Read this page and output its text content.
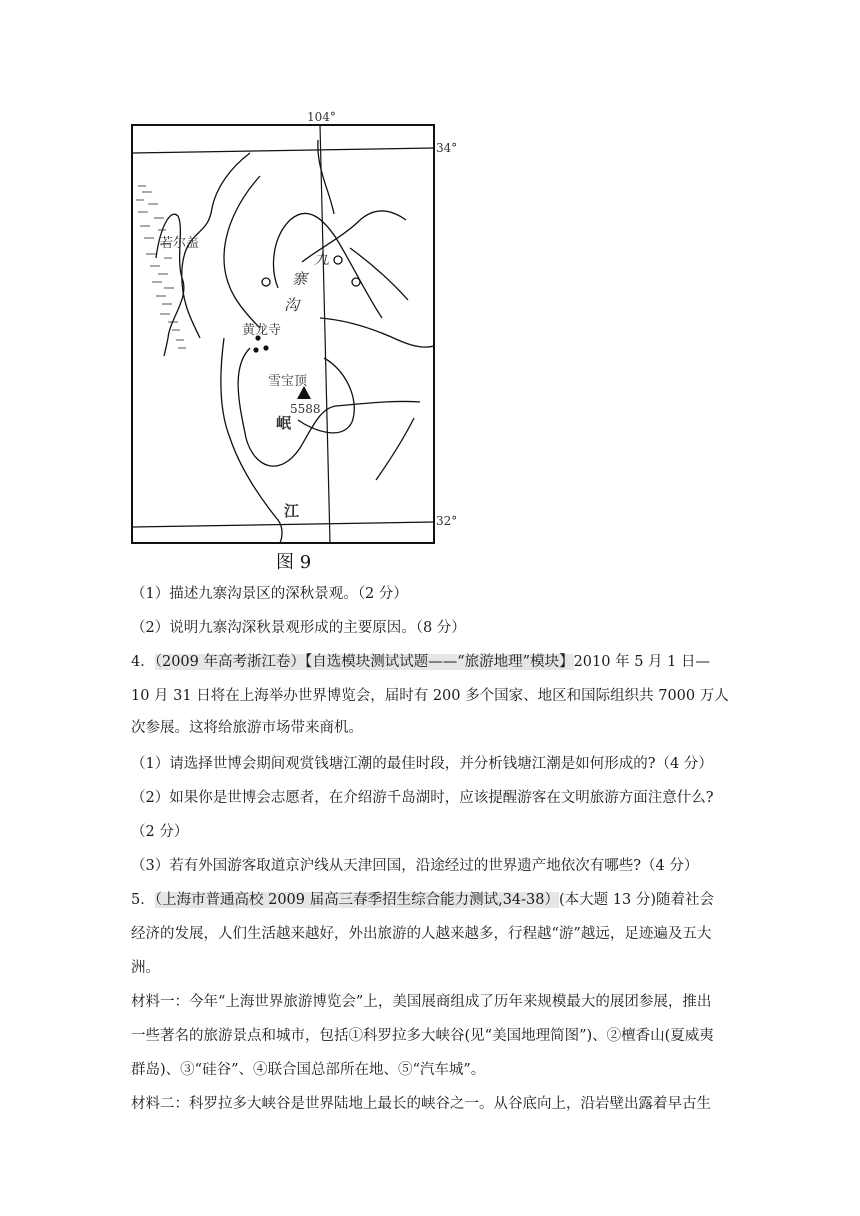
104°
34°
32°
若尔盖
九
寨
沟
黄龙寺
雪宝顶
5588
岷
江
图 9
（1）描述九寨沟景区的深秋景观。（2 分）
（2）说明九寨沟深秋景观形成的主要原因。（8 分）
4．（2009 年高考浙江卷）【自选模块测试试题——“旅游地理”模块】2010 年 5 月 1 日—
10 月 31 日将在上海举办世界博览会，届时有 200 多个国家、地区和国际组织共 7000 万人
次参展。这将给旅游市场带来商机。
（1）请选择世博会期间观赏钱塘江潮的最佳时段，并分析钱塘江潮是如何形成的?（4 分）
（2）如果你是世博会志愿者，在介绍游千岛湖时，应该提醒游客在文明旅游方面注意什么?
（2 分）
（3）若有外国游客取道京沪线从天津回国，沿途经过的世界遗产地依次有哪些?（4 分）
5．（上海市普通高校 2009 届高三春季招生综合能力测试,34-38）(本大题 13 分)随着社会
经济的发展，人们生活越来越好，外出旅游的人越来越多，行程越“游”越远，足迹遍及五大
洲。
材料一：今年“上海世界旅游博览会”上，美国展商组成了历年来规模最大的展团参展，推出
一些著名的旅游景点和城市，包括①科罗拉多大峡谷(见“美国地理简图”)、②檀香山(夏威夷
群岛)、③“硅谷”、④联合国总部所在地、⑤“汽车城”。
材料二：科罗拉多大峡谷是世界陆地上最长的峡谷之一。从谷底向上，沿岩壁出露着早古生
